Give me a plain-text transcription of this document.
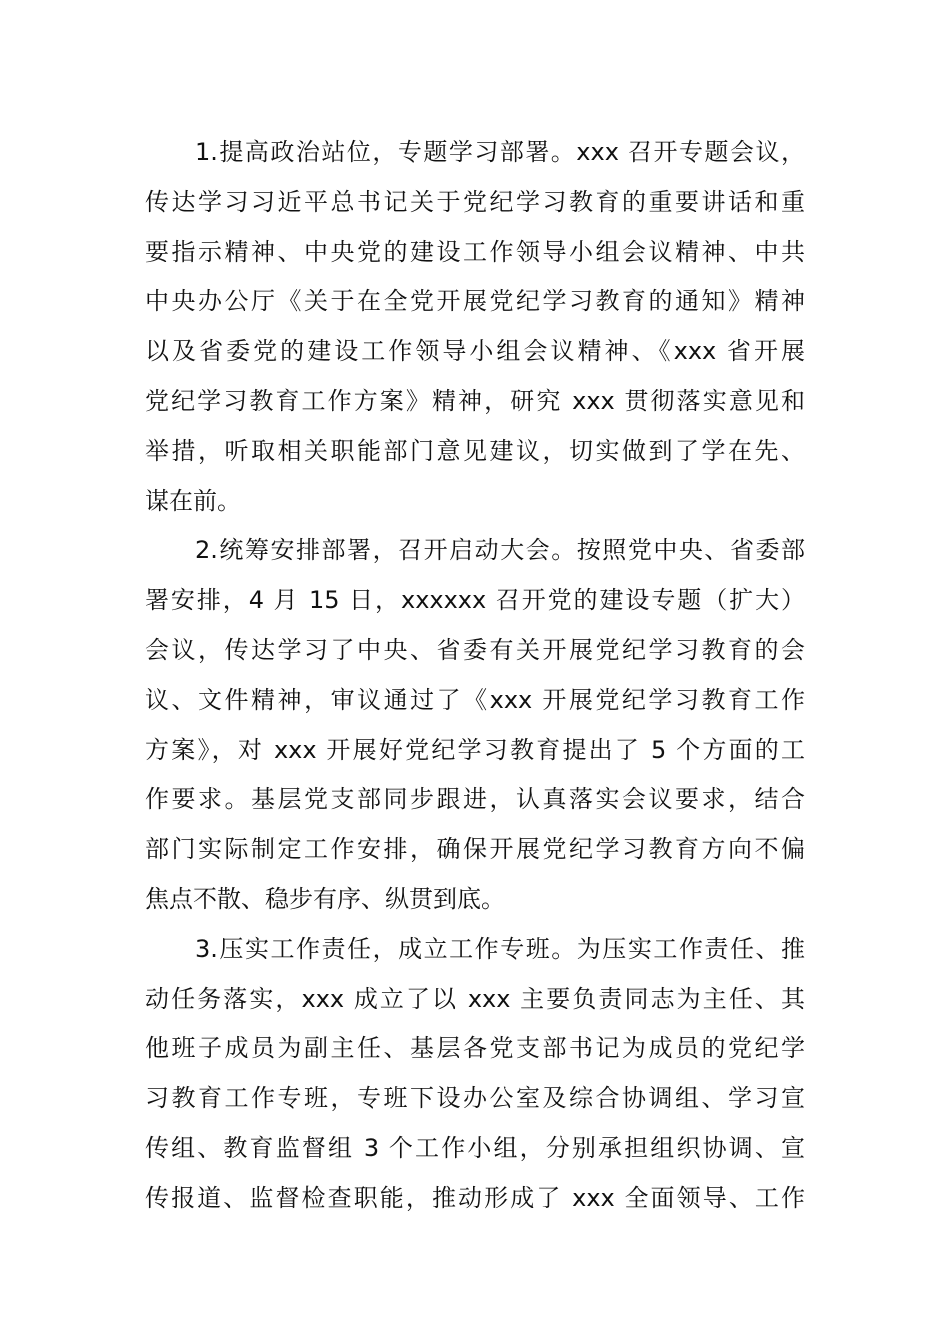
1.提高政治站位，专题学习部署。xxx 召开专题会议，
传达学习习近平总书记关于党纪学习教育的重要讲话和重
要指示精神、中央党的建设工作领导小组会议精神、中共
中央办公厅《关于在全党开展党纪学习教育的通知》精神
以及省委党的建设工作领导小组会议精神、《xxx 省开展
党纪学习教育工作方案》精神，研究 xxx 贯彻落实意见和
举措，听取相关职能部门意见建议，切实做到了学在先、
谋在前。
2.统筹安排部署，召开启动大会。按照党中央、省委部
署安排，4 月 15 日，xxxxxx 召开党的建设专题（扩大）
会议，传达学习了中央、省委有关开展党纪学习教育的会
议、文件精神，审议通过了《xxx 开展党纪学习教育工作
方案》，对 xxx 开展好党纪学习教育提出了 5 个方面的工
作要求。基层党支部同步跟进，认真落实会议要求，结合
部门实际制定工作安排，确保开展党纪学习教育方向不偏
焦点不散、稳步有序、纵贯到底。
3.压实工作责任，成立工作专班。为压实工作责任、推
动任务落实，xxx 成立了以 xxx 主要负责同志为主任、其
他班子成员为副主任、基层各党支部书记为成员的党纪学
习教育工作专班，专班下设办公室及综合协调组、学习宣
传组、教育监督组 3 个工作小组，分别承担组织协调、宣
传报道、监督检查职能，推动形成了 xxx 全面领导、工作
